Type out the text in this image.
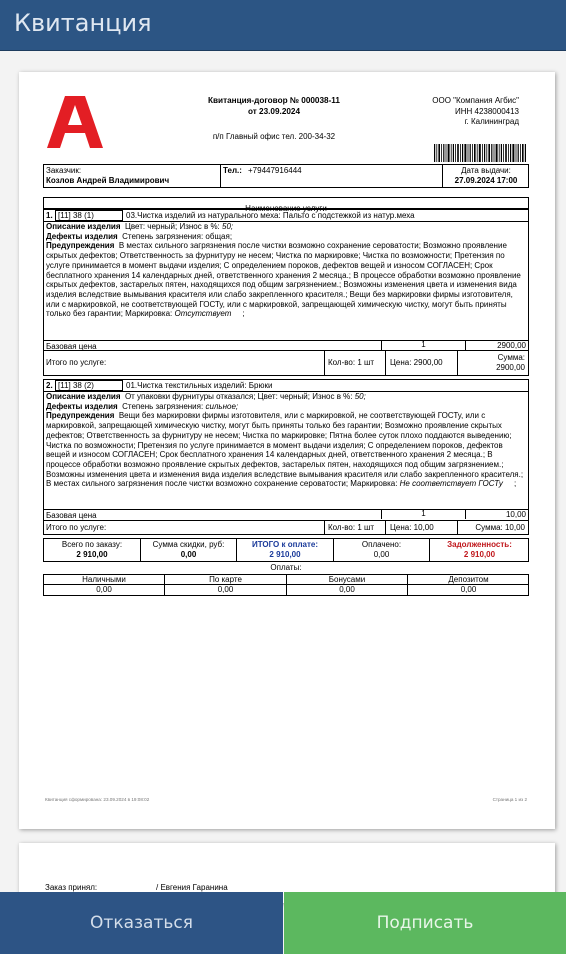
Квитанция
Квитанция-договор № 000038-11
от 23.09.2024
п/п Главный офис тел. 200-34-32
ООО "Компания Агбис"
ИНН 4238000413
г. Калининград
Заказчик:
Козлов Андрей Владимирович
Тел.: +79447916444	Дата выдачи:
27.09.2024 17:00
Наименование услуги
1. [11] 38 (1)	03.Чистка изделий из натурального меха: Пальто с подстежкой из натур.меха
Описание изделия Цвет: черный; Износ в %: 50;
Дефекты изделия Степень загрязнения: общая;
Предупреждения В местах сильного загрязнения после чистки возможно сохранение сероватости; Возможно проявление скрытых дефектов; Ответственность за фурнитуру не несем; Чистка по маркировке; Чистка по возможности; Претензия по услуге принимается в момент выдачи изделия; С определением пороков, дефектов вещей и износом СОГЛАСЕН; Срок бесплатного хранения 14 календарных дней, ответственного хранения 2 месяца.; В процессе обработки возможно проявление скрытых дефектов, застарелых пятен, находящихся под общим загрязнением.; Возможны изменения цвета и изменения вида изделия вследствие вымывания красителя или слабо закрепленного красителя.; Вещи без маркировки фирмы изготовителя, или с маркировкой, не соответствующей ГОСТу, или с маркировкой, запрещающей химическую чистку, могут быть приняты только без гарантии; Маркировка: Отсутствует ;
Базовая цена	1	2900,00
Итого по услуге:	Кол-во: 1 шт	Цена: 2900,00
Сумма:
2900,00
2. [11] 38 (2)	01.Чистка текстильных изделий: Брюки
Описание изделия От упаковки фурнитуры отказался; Цвет: черный; Износ в %: 50;
Дефекты изделия Степень загрязнения: сильное;
Предупреждения Вещи без маркировки фирмы изготовителя, или с маркировкой, не соответствующей ГОСТу, или с маркировкой, запрещающей химическую чистку, могут быть приняты только без гарантии; Возможно проявление скрытых дефектов; Ответственность за фурнитуру не несем; Чистка по маркировке; Пятна более суток плохо поддаются выведению; Чистка по возможности; Претензия по услуге принимается в момент выдачи изделия; С определением пороков, дефектов вещей и износом СОГЛАСЕН; Срок бесплатного хранения 14 календарных дней, ответственного хранения 2 месяца.; В процессе обработки возможно проявление скрытых дефектов, застарелых пятен, находящихся под общим загрязнением.; Возможны изменения цвета и изменения вида изделия вследствие вымывания красителя или слабо закрепленного красителя.; В местах сильного загрязнения после чистки возможно сохранение сероватости; Маркировка: Не соответствует ГОСТу ;
Базовая цена	1	10,00
Итого по услуге:	Кол-во: 1 шт	Цена: 10,00	Сумма: 10,00
Всего по заказу:
2 910,00
Сумма скидки, руб:
0,00
ИТОГО к оплате:
2 910,00
Оплачено:
0,00
Задолженность:
2 910,00
Оплаты:
Наличными	По карте	Бонусами	Депозитом
0,00	0,00	0,00	0,00
Квитанция сформирована: 23.09.2024 в 19:08:02	Страница 1 из 2
Заказ принял:	/ Евгения Гаранина
Отказаться	Подписать
